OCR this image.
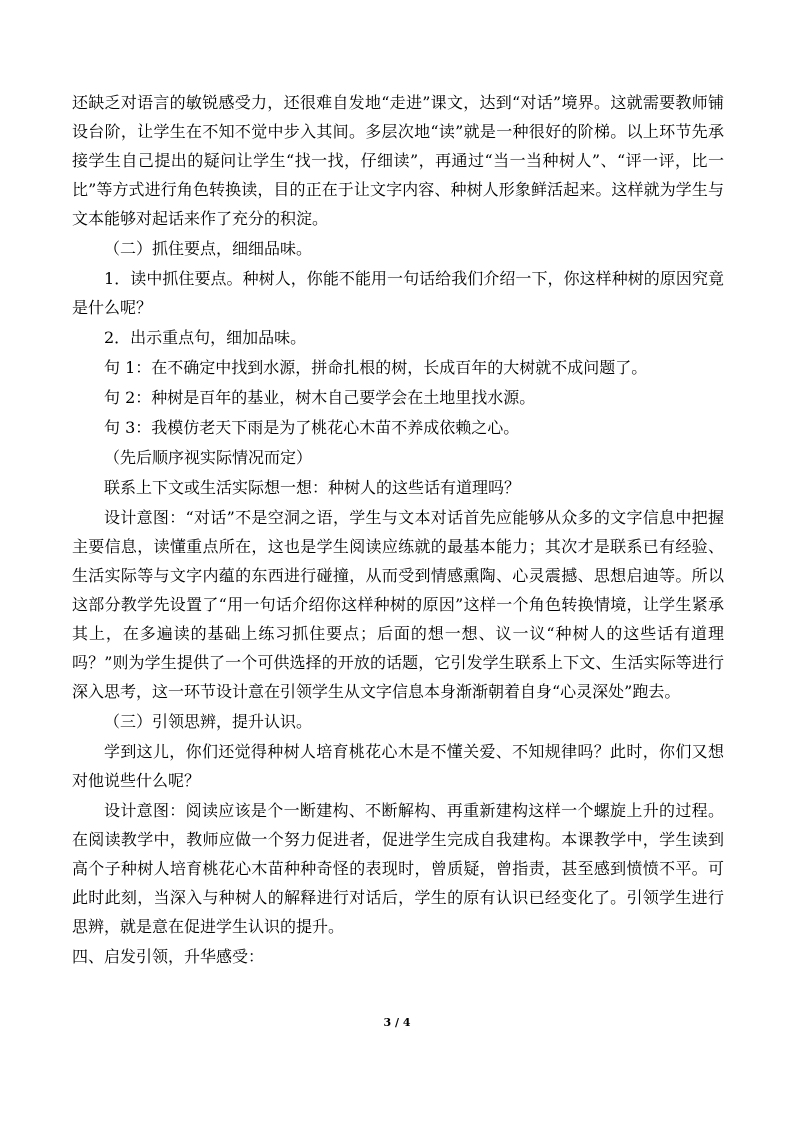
还缺乏对语言的敏锐感受力，还很难自发地“走进”课文，达到“对话”境界。这就需要教师铺设台阶，让学生在不知不觉中步入其间。多层次地“读”就是一种很好的阶梯。以上环节先承接学生自己提出的疑问让学生“找一找，仔细读”，再通过“当一当种树人”、“评一评，比一比”等方式进行角色转换读，目的正在于让文字内容、种树人形象鲜活起来。这样就为学生与文本能够对起话来作了充分的积淀。

（二）抓住要点，细细品味。

1．读中抓住要点。种树人，你能不能用一句话给我们介绍一下，你这样种树的原因究竟是什么呢？

2．出示重点句，细加品味。

句 1：在不确定中找到水源，拼命扎根的树，长成百年的大树就不成问题了。

句 2：种树是百年的基业，树木自己要学会在土地里找水源。

句 3：我模仿老天下雨是为了桃花心木苗不养成依赖之心。

（先后顺序视实际情况而定）

联系上下文或生活实际想一想：种树人的这些话有道理吗？

设计意图：“对话”不是空洞之语，学生与文本对话首先应能够从众多的文字信息中把握主要信息，读懂重点所在，这也是学生阅读应练就的最基本能力；其次才是联系已有经验、生活实际等与文字内蕴的东西进行碰撞，从而受到情感熏陶、心灵震撼、思想启迪等。所以这部分教学先设置了“用一句话介绍你这样种树的原因”这样一个角色转换情境，让学生紧承其上，在多遍读的基础上练习抓住要点；后面的想一想、议一议“种树人的这些话有道理吗？”则为学生提供了一个可供选择的开放的话题，它引发学生联系上下文、生活实际等进行深入思考，这一环节设计意在引领学生从文字信息本身渐渐朝着自身“心灵深处”跑去。

（三）引领思辨，提升认识。

学到这儿，你们还觉得种树人培育桃花心木是不懂关爱、不知规律吗？此时，你们又想对他说些什么呢？

设计意图：阅读应该是个一断建构、不断解构、再重新建构这样一个螺旋上升的过程。在阅读教学中，教师应做一个努力促进者，促进学生完成自我建构。本课教学中，学生读到高个子种树人培育桃花心木苗种种奇怪的表现时，曾质疑，曾指责，甚至感到愤愤不平。可此时此刻，当深入与种树人的解释进行对话后，学生的原有认识已经变化了。引领学生进行思辨，就是意在促进学生认识的提升。

四、启发引领，升华感受：

3 / 4
